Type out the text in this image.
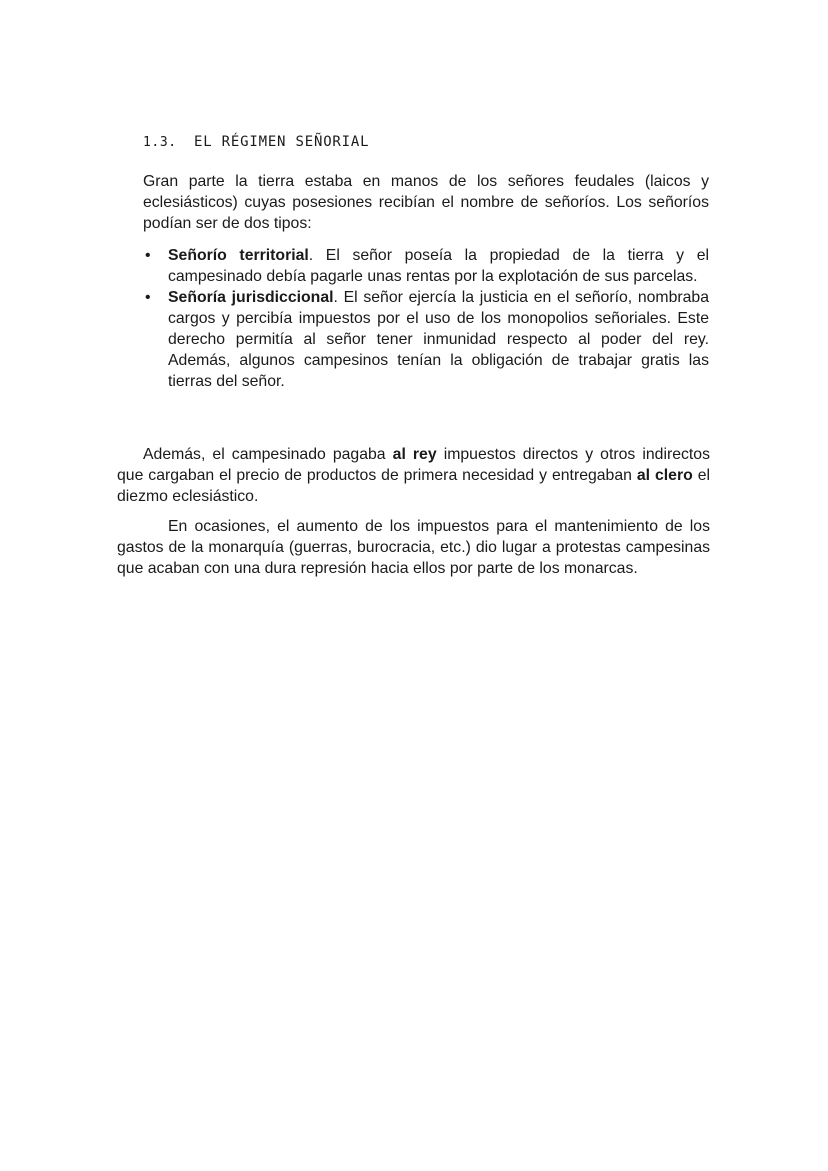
1.3.	EL RÉGIMEN SEÑORIAL

Gran parte la tierra estaba en manos de los señores feudales (laicos y eclesiásticos) cuyas posesiones recibían el nombre de señoríos. Los señoríos podían ser de dos tipos:

• Señorío territorial. El señor poseía la propiedad de la tierra y el campesinado debía pagarle unas rentas por la explotación de sus parcelas.
• Señoría jurisdiccional. El señor ejercía la justicia en el señorío, nombraba cargos y percibía impuestos por el uso de los monopolios señoriales. Este derecho permitía al señor tener inmunidad respecto al poder del rey. Además, algunos campesinos tenían la obligación de trabajar gratis las tierras del señor.

Además, el campesinado pagaba al rey impuestos directos y otros indirectos que cargaban el precio de productos de primera necesidad y entregaban al clero el diezmo eclesiástico.

En ocasiones, el aumento de los impuestos para el mantenimiento de los gastos de la monarquía (guerras, burocracia, etc.) dio lugar a protestas campesinas que acaban con una dura represión hacia ellos por parte de los monarcas.
